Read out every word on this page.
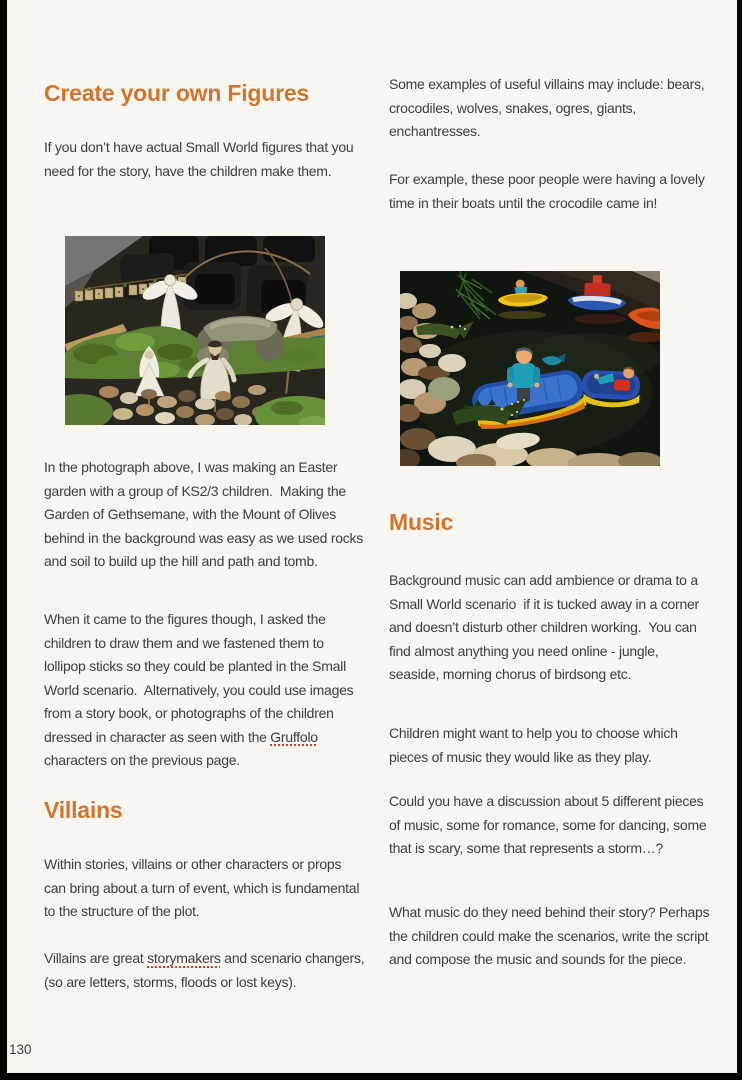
Create your own Figures

If you don’t have actual Small World figures that you need for the story, have the children make them.

In the photograph above, I was making an Easter garden with a group of KS2/3 children.  Making the Garden of Gethsemane, with the Mount of Olives behind in the background was easy as we used rocks and soil to build up the hill and path and tomb.

When it came to the figures though, I asked the children to draw them and we fastened them to lollipop sticks so they could be planted in the Small World scenario.  Alternatively, you could use images from a story book, or photographs of the children dressed in character as seen with the Gruffolo characters on the previous page.

Villains

Within stories, villains or other characters or props can bring about a turn of event, which is fundamental to the structure of the plot.

Villains are great storymakers and scenario changers, (so are letters, storms, floods or lost keys).

130

Some examples of useful villains may include: bears, crocodiles, wolves, snakes, ogres, giants, enchantresses.

For example, these poor people were having a lovely time in their boats until the crocodile came in!

Music

Background music can add ambience or drama to a Small World scenario  if it is tucked away in a corner and doesn’t disturb other children working.  You can find almost anything you need online - jungle, seaside, morning chorus of birdsong etc.

Children might want to help you to choose which pieces of music they would like as they play.

Could you have a discussion about 5 different pieces of music, some for romance, some for dancing, some that is scary, some that represents a storm…?

What music do they need behind their story? Perhaps the children could make the scenarios, write the script and compose the music and sounds for the piece.
